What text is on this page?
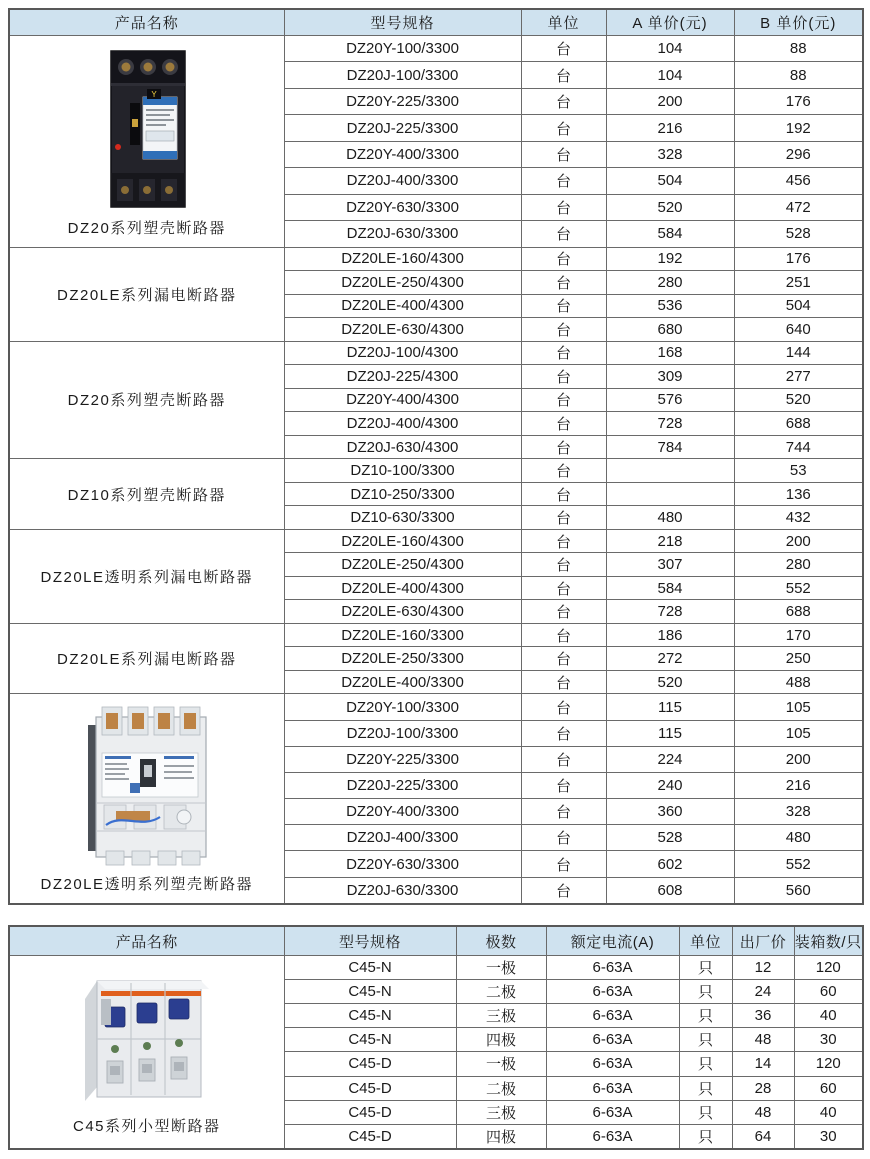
产品名称	型号规格	单位	A 单价(元)	B 单价(元)

Y
DZ20系列塑壳断路器	DZ20Y-100/3300	台	104	88
	DZ20J-100/3300	台	104	88
	DZ20Y-225/3300	台	200	176
	DZ20J-225/3300	台	216	192
	DZ20Y-400/3300	台	328	296
	DZ20J-400/3300	台	504	456
	DZ20Y-630/3300	台	520	472
	DZ20J-630/3300	台	584	528

DZ20LE系列漏电断路器	DZ20LE-160/4300	台	192	176
	DZ20LE-250/4300	台	280	251
	DZ20LE-400/4300	台	536	504
	DZ20LE-630/4300	台	680	640

DZ20系列塑壳断路器	DZ20J-100/4300	台	168	144
	DZ20J-225/4300	台	309	277
	DZ20Y-400/4300	台	576	520
	DZ20J-400/4300	台	728	688
	DZ20J-630/4300	台	784	744

DZ10系列塑壳断路器	DZ10-100/3300	台		53
	DZ10-250/3300	台		136
	DZ10-630/3300	台	480	432

DZ20LE透明系列漏电断路器	DZ20LE-160/4300	台	218	200
	DZ20LE-250/4300	台	307	280
	DZ20LE-400/4300	台	584	552
	DZ20LE-630/4300	台	728	688

DZ20LE系列漏电断路器	DZ20LE-160/3300	台	186	170
	DZ20LE-250/3300	台	272	250
	DZ20LE-400/3300	台	520	488

DZ20LE透明系列塑壳断路器	DZ20Y-100/3300	台	115	105
	DZ20J-100/3300	台	115	105
	DZ20Y-225/3300	台	224	200
	DZ20J-225/3300	台	240	216
	DZ20Y-400/3300	台	360	328
	DZ20J-400/3300	台	528	480
	DZ20Y-630/3300	台	602	552
	DZ20J-630/3300	台	608	560
产品名称	型号规格	极数	额定电流(A)	单位	出厂价	装箱数/只

C45系列小型断路器	C45-N	一极	6-63A	只	12	120
	C45-N	二极	6-63A	只	24	60
	C45-N	三极	6-63A	只	36	40
	C45-N	四极	6-63A	只	48	30
	C45-D	一极	6-63A	只	14	120
	C45-D	二极	6-63A	只	28	60
	C45-D	三极	6-63A	只	48	40
	C45-D	四极	6-63A	只	64	30
